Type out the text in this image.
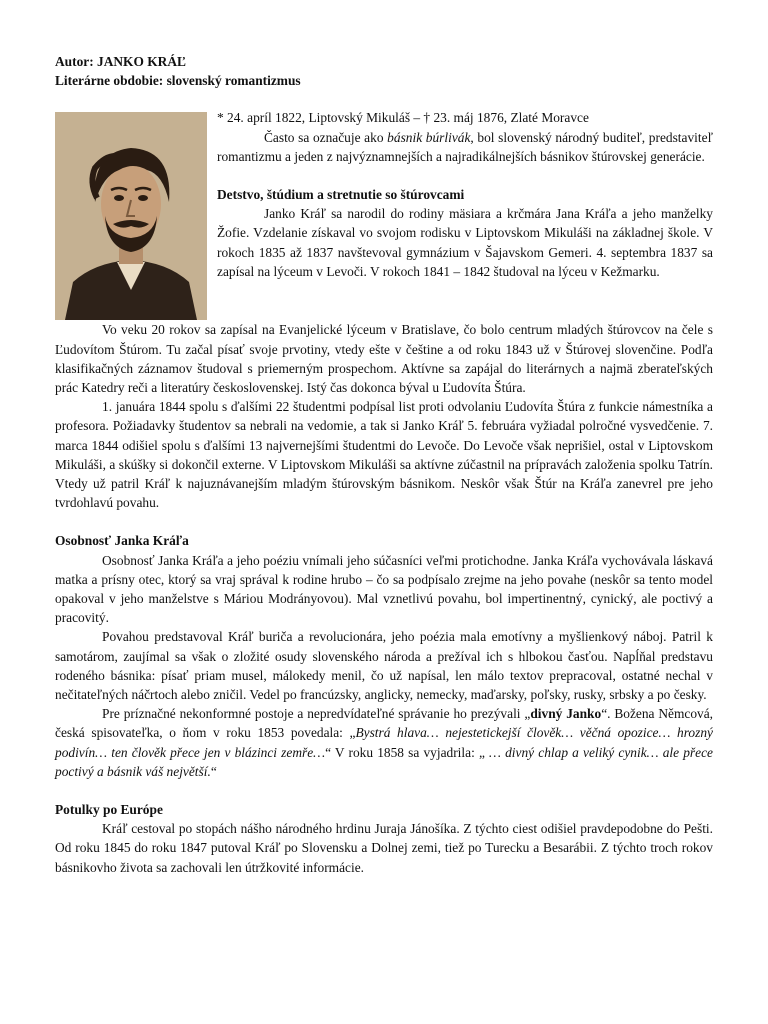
Autor: JANKO KRÁĽ
Literárne obdobie: slovenský romantizmus

* 24. apríl 1822, Liptovský Mikuláš – † 23. máj 1876, Zlaté Moravce

Často sa označuje ako básnik búrlivák, bol slovenský národný buditeľ, predstaviteľ romantizmu a jeden z najvýznamnejších a najradikálnejších básnikov štúrovskej generácie.

Detstvo, štúdium a stretnutie so štúrovcami

Janko Kráľ sa narodil do rodiny mäsiara a krčmára Jana Kráľa a jeho manželky Žofie. Vzdelanie získaval vo svojom rodisku v Liptovskom Mikuláši na základnej škole. V rokoch 1835 až 1837 navštevoval gymnázium v Šajavskom Gemeri. 4. septembra 1837 sa zapísal na lýceum v Levoči. V rokoch 1841 – 1842 študoval na lýceu v Kežmarku.

Vo veku 20 rokov sa zapísal na Evanjelické lýceum v Bratislave, čo bolo centrum mladých štúrovcov na čele s Ľudovítom Štúrom. Tu začal písať svoje prvotiny, vtedy ešte v češtine a od roku 1843 už v Štúrovej slovenčine. Podľa klasifikačných záznamov študoval s priemerným prospechom. Aktívne sa zapájal do literárnych a najmä zberateľských prác Katedry reči a literatúry československej. Istý čas dokonca býval u Ľudovíta Štúra.

1. januára 1844 spolu s ďalšími 22 študentmi podpísal list proti odvolaniu Ľudovíta Štúra z funkcie námestníka a profesora. Požiadavky študentov sa nebrali na vedomie, a tak si Janko Kráľ 5. februára vyžiadal polročné vysvedčenie. 7. marca 1844 odišiel spolu s ďalšími 13 najvernejšími študentmi do Levoče. Do Levoče však neprišiel, ostal v Liptovskom Mikuláši, a skúšky si dokončil externe. V Liptovskom Mikuláši sa aktívne zúčastnil na prípravách založenia spolku Tatrín. Vtedy už patril Kráľ k najuznávanejším mladým štúrovským básnikom. Neskôr však Štúr na Kráľa zanevrel pre jeho tvrdohlavú povahu.

Osobnosť Janka Kráľa

Osobnosť Janka Kráľa a jeho poéziu vnímali jeho súčasníci veľmi protichodne. Janka Kráľa vychovávala láskavá matka a prísny otec, ktorý sa vraj správal k rodine hrubo – čo sa podpísalo zrejme na jeho povahe (neskôr sa tento model opakoval v jeho manželstve s Máriou Modrányovou). Mal vznetlivú povahu, bol impertinentný, cynický, ale poctivý a pracovitý.

Povahou predstavoval Kráľ buriča a revolucionára, jeho poézia mala emotívny a myšlienkový náboj. Patril k samotárom, zaujímal sa však o zložité osudy slovenského národa a prežíval ich s hlbokou časťou. Napĺňal predstavu rodeného básnika: písať priam musel, málokedy menil, čo už napísal, len málo textov prepracoval, ostatné nechal v nečitateľných náčrtoch alebo zničil. Vedel po francúzsky, anglicky, nemecky, maďarsky, poľsky, rusky, srbsky a po česky.

Pre príznačné nekonformné postoje a nepredvídateľné správanie ho prezývali „divný Janko“. Božena Němcová, česká spisovateľka, o ňom v roku 1853 povedala: „Bystrá hlava… nejestetickejší člověk… věčná opozice… hrozný podivín… ten člověk přece jen v blázinci zemře…“ V roku 1858 sa vyjadrila: „ … divný chlap a veliký cynik… ale přece poctivý a básnik váš největší.“

Potulky po Európe

Kráľ cestoval po stopách nášho národného hrdinu Juraja Jánošíka. Z týchto ciest odišiel pravdepodobne do Pešti. Od roku 1845 do roku 1847 putoval Kráľ po Slovensku a Dolnej zemi, tiež po Turecku a Besarábii. Z týchto troch rokov básnikovho života sa zachovali len útržkovité informácie.
